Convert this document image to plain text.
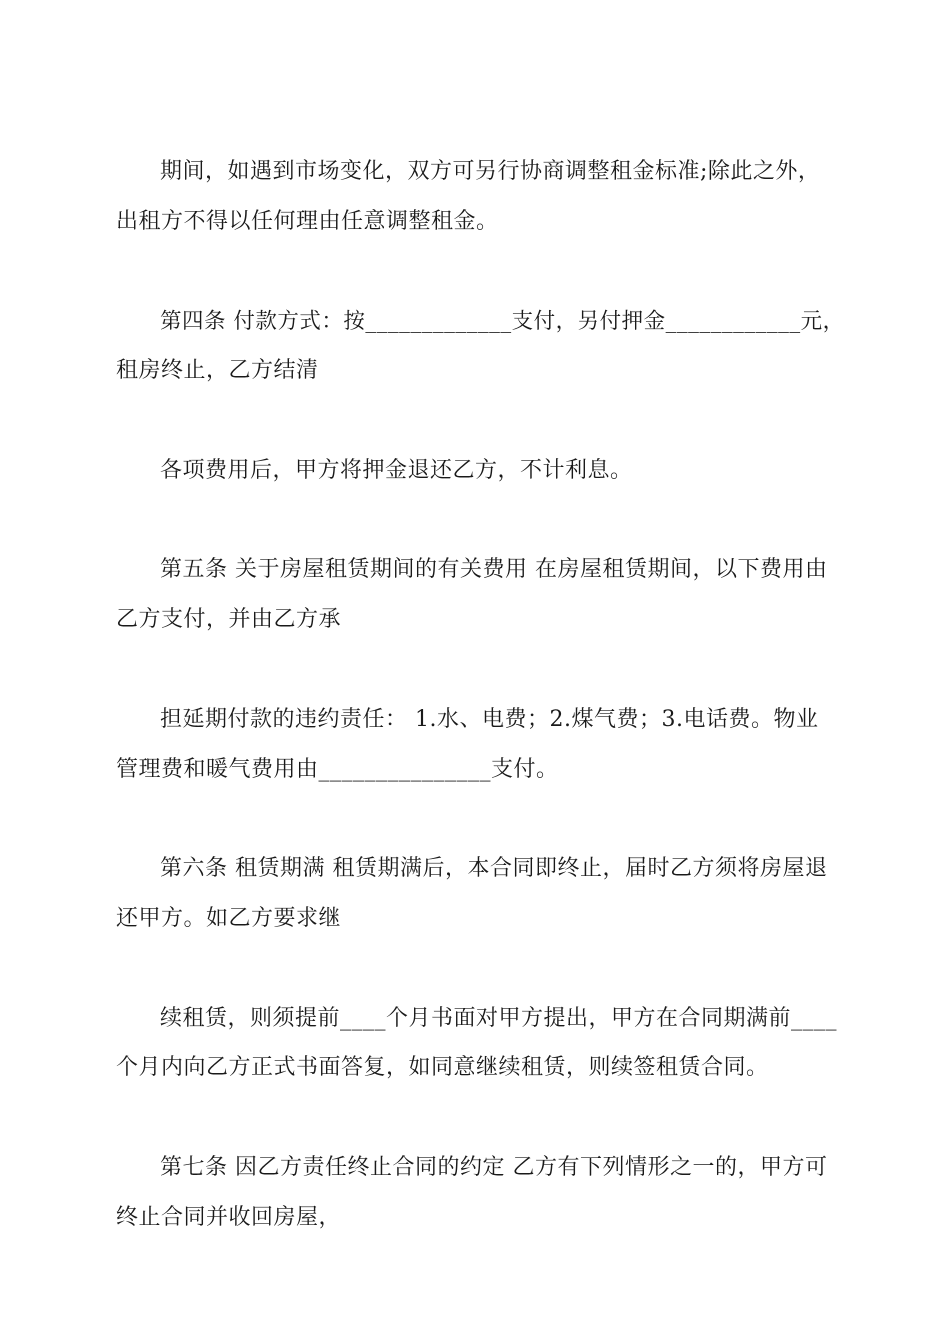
期间，如遇到市场变化，双方可另行协商调整租金标准;除此之外，
出租方不得以任何理由任意调整租金。
第四条 付款方式：按_____________支付，另付押金____________元，
租房终止，乙方结清
各项费用后，甲方将押金退还乙方，不计利息。
第五条 关于房屋租赁期间的有关费用 在房屋租赁期间，以下费用由
乙方支付，并由乙方承
担延期付款的违约责任： 1.水、电费；2.煤气费；3.电话费。物业
管理费和暖气费用由_______________支付。
第六条 租赁期满 租赁期满后，本合同即终止，届时乙方须将房屋退
还甲方。如乙方要求继
续租赁，则须提前____个月书面对甲方提出，甲方在合同期满前____
个月内向乙方正式书面答复，如同意继续租赁，则续签租赁合同。
第七条 因乙方责任终止合同的约定 乙方有下列情形之一的，甲方可
终止合同并收回房屋，
